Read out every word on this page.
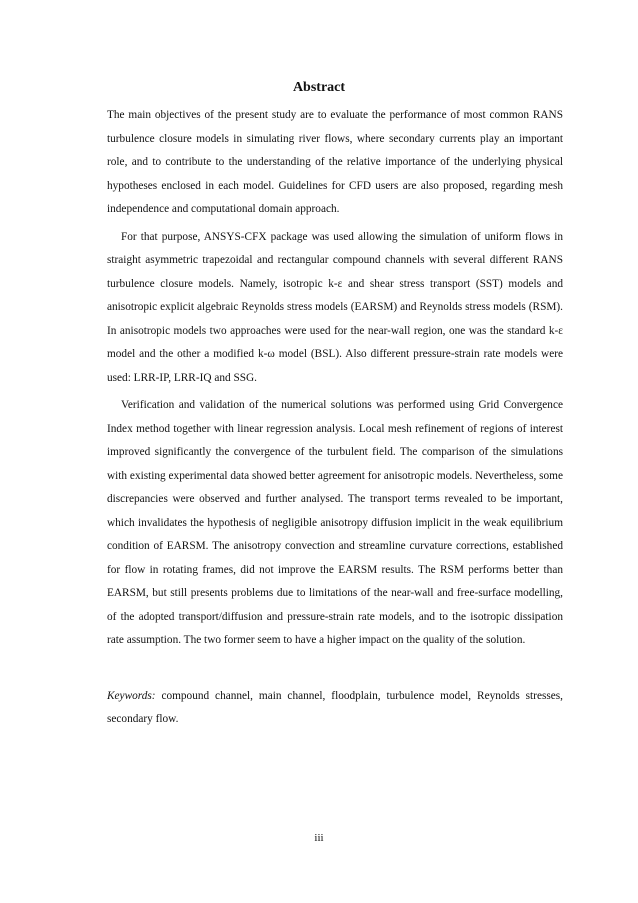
Abstract

The main objectives of the present study are to evaluate the performance of most common RANS turbulence closure models in simulating river flows, where secondary currents play an important role, and to contribute to the understanding of the relative importance of the underlying physical hypotheses enclosed in each model. Guidelines for CFD users are also proposed, regarding mesh independence and computational domain approach.

For that purpose, ANSYS-CFX package was used allowing the simulation of uniform flows in straight asymmetric trapezoidal and rectangular compound channels with several different RANS turbulence closure models. Namely, isotropic k-ε and shear stress transport (SST) models and anisotropic explicit algebraic Reynolds stress models (EARSM) and Reynolds stress models (RSM). In anisotropic models two approaches were used for the near-wall region, one was the standard k-ε model and the other a modified k-ω model (BSL). Also different pressure-strain rate models were used: LRR-IP, LRR-IQ and SSG.

Verification and validation of the numerical solutions was performed using Grid Convergence Index method together with linear regression analysis. Local mesh refinement of regions of interest improved significantly the convergence of the turbulent field. The comparison of the simulations with existing experimental data showed better agreement for anisotropic models. Nevertheless, some discrepancies were observed and further analysed. The transport terms revealed to be important, which invalidates the hypothesis of negligible anisotropy diffusion implicit in the weak equilibrium condition of EARSM. The anisotropy convection and streamline curvature corrections, established for flow in rotating frames, did not improve the EARSM results. The RSM performs better than EARSM, but still presents problems due to limitations of the near-wall and free-surface modelling, of the adopted transport/diffusion and pressure-strain rate models, and to the isotropic dissipation rate assumption. The two former seem to have a higher impact on the quality of the solution.

Keywords: compound channel, main channel, floodplain, turbulence model, Reynolds stresses, secondary flow.

iii
